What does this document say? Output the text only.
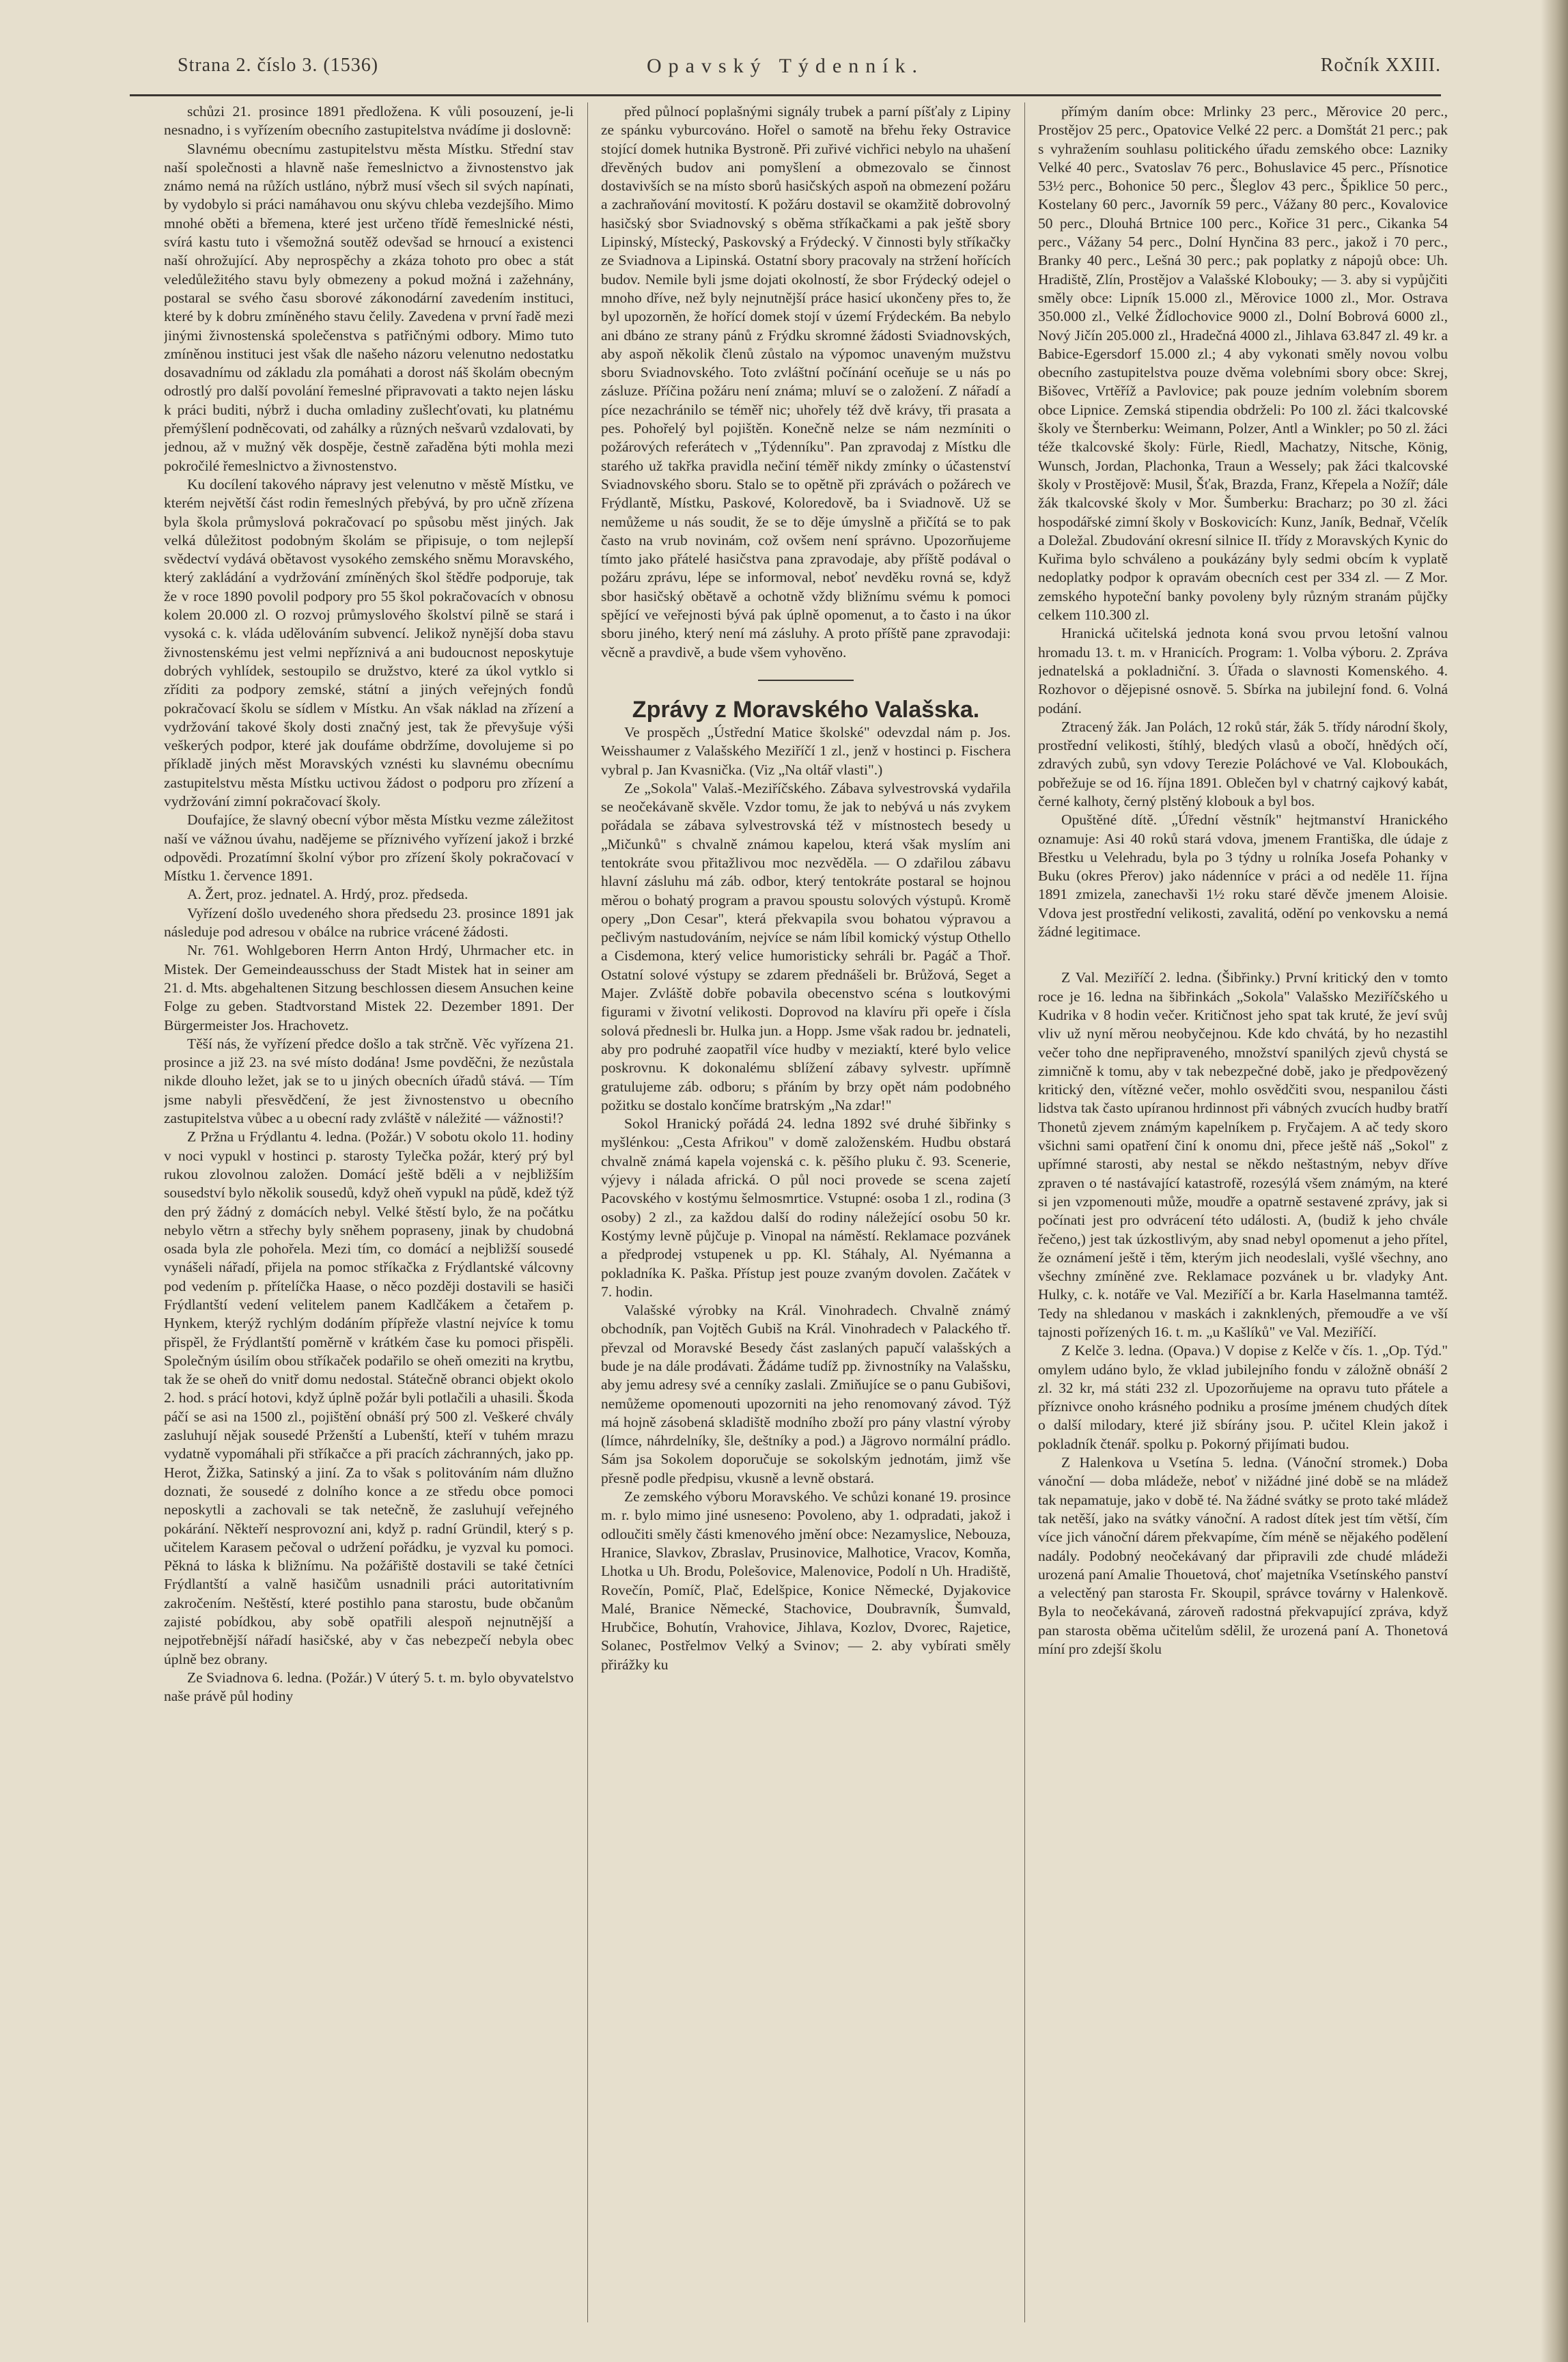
Strana 2. číslo 3. (1536)	Opavský Týdenník.	Ročník XXIII.

schůzi 21. prosince 1891 předložena. K vůli posouzení, je-li nesnadno, i s vyřízením obecního zastupitelstva nvádíme ji doslovně:

Slavnému obecnímu zastupitelstvu města Místku. Střední stav naší společnosti a hlavně naše řemeslnictvo a živnostenstvo jak známo nemá na růžích ustláno, nýbrž musí všech sil svých napínati, by vydobylo si práci namáhavou onu skývu chleba vezdejšího. Mimo mnohé oběti a břemena, které jest určeno třídě řemeslnické nésti, svírá kastu tuto i všemožná soutěž odevšad se hrnoucí a existenci naší ohrožující. Aby neprospěchy a zkáza tohoto pro obec a stát veledůležitého stavu byly obmezeny a pokud možná i zažehnány, postaral se svého času sborové zákonodární zavedením instituci, které by k dobru zmíněného stavu čelily. Zavedena v první řadě mezi jinými živnostenská společenstva s patřičnými odbory. Mimo tuto zmíněnou instituci jest však dle našeho názoru velenutno nedostatku dosavadnímu od základu zla pomáhati a dorost náš školám obecným odrostlý pro další povolání řemeslné připravovati a takto nejen lásku k práci buditi, nýbrž i ducha omladiny zušlechťovati, ku platnému přemýšlení podněcovati, od zahálky a různých nešvarů vzdalovati, by jednou, až v mužný věk dospěje, čestně zařaděna býti mohla mezi pokročilé řemeslnictvo a živnostenstvo.

Ku docílení takového nápravy jest velenutno v městě Místku, ve kterém největší část rodin řemeslných přebývá, by pro učně zřízena byla škola průmyslová pokračovací po spůsobu měst jiných. Jak velká důležitost podobným školám se připisuje, o tom nejlepší svědectví vydává obětavost vysokého zemského sněmu Moravského, který zakládání a vydržování zmíněných škol štědře podporuje, tak že v roce 1890 povolil podpory pro 55 škol pokračovacích v obnosu kolem 20.000 zl. O rozvoj průmyslového školství pilně se stará i vysoká c. k. vláda udělováním subvencí. Jelikož nynější doba stavu živnostenskému jest velmi nepříznivá a ani budoucnost neposkytuje dobrých vyhlídek, sestoupilo se družstvo, které za úkol vytklo si zříditi za podpory zemské, státní a jiných veřejných fondů pokračovací školu se sídlem v Místku. An však náklad na zřízení a vydržování takové školy dosti značný jest, tak že převyšuje výši veškerých podpor, které jak doufáme obdržíme, dovolujeme si po příkladě jiných měst Moravských vznésti ku slavnému obecnímu zastupitelstvu města Místku uctivou žádost o podporu pro zřízení a vydržování zimní pokračovací školy.

Doufajíce, že slavný obecní výbor města Místku vezme záležitost naší ve vážnou úvahu, nadějeme se příznivého vyřízení jakož i brzké odpovědi. Prozatímní školní výbor pro zřízení školy pokračovací v Místku 1. července 1891.

A. Žert, proz. jednatel. A. Hrdý, proz. předseda.

Vyřízení došlo uvedeného shora předsedu 23. prosince 1891 jak následuje pod adresou v obálce na rubrice vrácené žádosti.

Nr. 761. Wohlgeboren Herrn Anton Hrdý, Uhrmacher etc. in Mistek. Der Gemeindeausschuss der Stadt Mistek hat in seiner am 21. d. Mts. abgehaltenen Sitzung beschlossen diesem Ansuchen keine Folge zu geben. Stadtvorstand Mistek 22. Dezember 1891. Der Bürgermeister Jos. Hrachovetz.

Těší nás, že vyřízení předce došlo a tak strčně. Věc vyřízena 21. prosince a již 23. na své místo dodána! Jsme povděčni, že nezůstala nikde dlouho ležet, jak se to u jiných obecních úřadů stává. — Tím jsme nabyli přesvědčení, že jest živnostenstvo u obecního zastupitelstva vůbec a u obecní rady zvláště v náležité — vážnosti!?

Z Pržna u Frýdlantu 4. ledna. (Požár.) V sobotu okolo 11. hodiny v noci vypukl v hostinci p. starosty Tylečka požár, který prý byl rukou zlovolnou založen. Domácí ještě bděli a v nejbližším sousedství bylo několik sousedů, když oheň vypukl na půdě, kdež týž den prý žádný z domácích nebyl. Velké štěstí bylo, že na počátku nebylo větrn a střechy byly sněhem popraseny, jinak by chudobná osada byla zle pohořela. Mezi tím, co domácí a nejbližší sousedé vynášeli nářadí, přijela na pomoc stříkačka z Frýdlantské válcovny pod vedením p. přítelíčka Haase, o něco později dostavili se hasiči Frýdlantští vedení velitelem panem Kadlčákem a četařem p. Hynkem, kterýž rychlým dodáním přípřeže vlastní nejvíce k tomu přispěl, že Frýdlantští poměrně v krátkém čase ku pomoci přispěli. Společným úsilím obou stříkaček podařilo se oheň omeziti na krytbu, tak že se oheň do vnitř domu nedostal. Státečně obranci objekt okolo 2. hod. s prácí hotovi, když úplně požár byli potlačili a uhasili. Škoda páčí se asi na 1500 zl., pojištění obnáší prý 500 zl. Veškeré chvály zasluhují nějak sousedé Prženští a Lubenští, kteří v tuhém mrazu vydatně vypomáhali při stříkačce a při pracích záchranných, jako pp. Herot, Žižka, Satinský a jiní. Za to však s politováním nám dlužno doznati, že sousedé z dolního konce a ze středu obce pomoci neposkytli a zachovali se tak netečně, že zasluhují veřejného pokárání. Někteří nesprovozní ani, když p. radní Gründil, který s p. učitelem Karasem pečoval o udržení pořádku, je vyzval ku pomoci. Pěkná to láska k bližnímu. Na požářiště dostavili se také četníci Frýdlantští a valně hasičům usnadnili práci autoritativním zakročením. Neštěstí, které postihlo pana starostu, bude občanům zajisté pobídkou, aby sobě opatřili alespoň nejnutnější a nejpotřebnější nářadí hasičské, aby v čas nebezpečí nebyla obec úplně bez obrany.

Ze Sviadnova 6. ledna. (Požár.) V úterý 5. t. m. bylo obyvatelstvo naše právě půl hodiny

před půlnocí poplašnými signály trubek a parní píšťaly z Lipiny ze spánku vyburcováno. Hořel o samotě na břehu řeky Ostravice stojící domek hutnika Bystroně. Při zuřivé vichřici nebylo na uhašení dřevěných budov ani pomyšlení a obmezovalo se činnost dostavivších se na místo sborů hasičských aspoň na obmezení požáru a zachraňování movitostí. K požáru dostavil se okamžitě dobrovolný hasičský sbor Sviadnovský s oběma stříkačkami a pak ještě sbory Lipinský, Místecký, Paskovský a Frýdecký. V činnosti byly stříkačky ze Sviadnova a Lipinská. Ostatní sbory pracovaly na stržení hořících budov. Nemile byli jsme dojati okolností, že sbor Frýdecký odejel o mnoho dříve, než byly nejnutnější práce hasicí ukončeny přes to, že byl upozorněn, že hořící domek stojí v území Frýdeckém. Ba nebylo ani dbáno ze strany pánů z Frýdku skromné žádosti Sviadnovských, aby aspoň několik členů zůstalo na výpomoc unaveným mužstvu sboru Sviadnovského. Toto zvláštní počínání oceňuje se u nás po zásluze. Příčina požáru není známa; mluví se o založení. Z nářadí a píce nezachránilo se téměř nic; uhořely též dvě krávy, tři prasata a pes. Pohořelý byl pojištěn. Konečně nelze se nám nezmíniti o požárových referátech v „Týdenníku". Pan zpravodaj z Místku dle starého už takřka pravidla nečiní téměř nikdy zmínky o účastenství Sviadnovského sboru. Stalo se to opětně při zprávách o požárech ve Frýdlantě, Místku, Paskové, Koloredově, ba i Sviadnově. Už se nemůžeme u nás soudit, že se to děje úmyslně a přičítá se to pak často na vrub novinám, což ovšem není správno. Upozorňujeme tímto jako přátelé hasičstva pana zpravodaje, aby příště podával o požáru zprávu, lépe se informoval, neboť nevděku rovná se, když sbor hasičský obětavě a ochotně vždy bližnímu svému k pomoci spějící ve veřejnosti bývá pak úplně opomenut, a to často i na úkor sboru jiného, který není má zásluhy. A proto příště pane zpravodaji: věcně a pravdivě, a bude všem vyhověno.

Zprávy z Moravského Valašska.

Ve prospěch „Ústřední Matice školské" odevzdal nám p. Jos. Weisshaumer z Valašského Meziříčí 1 zl., jenž v hostinci p. Fischera vybral p. Jan Kvasnička. (Viz „Na oltář vlasti".)

Ze „Sokola" Valaš.-Meziříčského. Zábava sylvestrovská vydařila se neočekávaně skvěle. Vzdor tomu, že jak to nebývá u nás zvykem pořádala se zábava sylvestrovská též v místnostech besedy u „Mičunků" s chvalně známou kapelou, která však myslím ani tentokráte svou přitažlivou moc nezvěděla. — O zdařilou zábavu hlavní zásluhu má záb. odbor, který tentokráte postaral se hojnou měrou o bohatý program a pravou spoustu solových výstupů. Kromě opery „Don Cesar", která překvapila svou bohatou výpravou a pečlivým nastudováním, nejvíce se nám líbil komický výstup Othello a Cisdemona, který velice humoristicky sehráli br. Pagáč a Thoř. Ostatní solové výstupy se zdarem přednášeli br. Brůžová, Seget a Majer. Zvláště dobře pobavila obecenstvo scéna s loutkovými figurami v životní velikosti. Doprovod na klavíru při opeře i čísla solová přednesli br. Hulka jun. a Hopp. Jsme však radou br. jednateli, aby pro podruhé zaopatřil více hudby v meziaktí, které bylo velice poskrovnu. K dokonalému sblížení zábavy sylvestr. upřímně gratulujeme záb. odboru; s přáním by brzy opět nám podobného požitku se dostalo končíme bratrským „Na zdar!"

Sokol Hranický pořádá 24. ledna 1892 své druhé šibřinky s myšlénkou: „Cesta Afrikou" v domě založenském. Hudbu obstará chvalně známá kapela vojenská c. k. pěšího pluku č. 93. Scenerie, výjevy i nálada africká. O půl noci provede se scena zajetí Pacovského v kostýmu šelmosmrtice. Vstupné: osoba 1 zl., rodina (3 osoby) 2 zl., za každou další do rodiny náležející osobu 50 kr. Kostýmy levně půjčuje p. Vinopal na náměstí. Reklamace pozvánek a předprodej vstupenek u pp. Kl. Stáhaly, Al. Nyémanna a pokladníka K. Paška. Přístup jest pouze zvaným dovolen. Začátek v 7. hodin.

Valašské výrobky na Král. Vinohradech. Chvalně známý obchodník, pan Vojtěch Gubiš na Král. Vinohradech v Palackého tř. převzal od Moravské Besedy část zaslaných papučí valašských a bude je na dále prodávati. Žádáme tudíž pp. živnostníky na Valašsku, aby jemu adresy své a cenníky zaslali. Zmiňujíce se o panu Gubišovi, nemůžeme opomenouti upozorniti na jeho renomovaný závod. Týž má hojně zásobená skladiště modního zboží pro pány vlastní výroby (límce, náhrdelníky, šle, deštníky a pod.) a Jägrovo normální prádlo. Sám jsa Sokolem doporučuje se sokolským jednotám, jimž vše přesně podle předpisu, vkusně a levně obstará.

Ze zemského výboru Moravského. Ve schůzi konané 19. prosince m. r. bylo mimo jiné usneseno: Povoleno, aby 1. odpradati, jakož i odloučiti směly části kmenového jmění obce: Nezamyslice, Nebouza, Hranice, Slavkov, Zbraslav, Prusinovice, Malhotice, Vracov, Komňa, Lhotka u Uh. Brodu, Polešovice, Malenovice, Podolí n Uh. Hradiště, Rovečín, Pomíč, Plač, Edelšpice, Konice Německé, Dyjakovice Malé, Branice Německé, Stachovice, Doubravník, Šumvald, Hrubčice, Bohutín, Vrahovice, Jihlava, Kozlov, Dvorec, Rajetice, Solanec, Postřelmov Velký a Svinov; — 2. aby vybírati směly přirážky ku

přímým daním obce: Mrlinky 23 perc., Měrovice 20 perc., Prostějov 25 perc., Opatovice Velké 22 perc. a Domštát 21 perc.; pak s vyhražením souhlasu politického úřadu zemského obce: Lazniky Velké 40 perc., Svatoslav 76 perc., Bohuslavice 45 perc., Přísnotice 53½ perc., Bohonice 50 perc., Šleglov 43 perc., Špiklice 50 perc., Kostelany 60 perc., Javorník 59 perc., Vážany 80 perc., Kovalovice 50 perc., Dlouhá Brtnice 100 perc., Kořice 31 perc., Cikanka 54 perc., Vážany 54 perc., Dolní Hynčina 83 perc., jakož i 70 perc., Branky 40 perc., Lešná 30 perc.; pak poplatky z nápojů obce: Uh. Hradiště, Zlín, Prostějov a Valašské Klobouky; — 3. aby si vypůjčiti směly obce: Lipník 15.000 zl., Měrovice 1000 zl., Mor. Ostrava 350.000 zl., Velké Žídlochovice 9000 zl., Dolní Bobrová 6000 zl., Nový Jičín 205.000 zl., Hradečná 4000 zl., Jihlava 63.847 zl. 49 kr. a Babice-Egersdorf 15.000 zl.; 4 aby vykonati směly novou volbu obecního zastupitelstva pouze dvěma volebními sbory obce: Skrej, Bišovec, Vrtěříž a Pavlovice; pak pouze jedním volebním sborem obce Lipnice. Zemská stipendia obdrželi: Po 100 zl. žáci tkalcovské školy ve Šternberku: Weimann, Polzer, Antl a Winkler; po 50 zl. žáci téže tkalcovské školy: Fürle, Riedl, Machatzy, Nitsche, König, Wunsch, Jordan, Plachonka, Traun a Wessely; pak žáci tkalcovské školy v Prostějově: Musil, Šťak, Brazda, Franz, Křepela a Nožíř; dále žák tkalcovské školy v Mor. Šumberku: Bracharz; po 30 zl. žáci hospodářské zimní školy v Boskovicích: Kunz, Janík, Bednař, Včelík a Doležal. Zbudování okresní silnice II. třídy z Moravských Kynic do Kuřima bylo schváleno a poukázány byly sedmi obcím k vyplatě nedoplatky podpor k opravám obecních cest per 334 zl. — Z Mor. zemského hypoteční banky povoleny byly různým stranám půjčky celkem 110.300 zl.

Hranická učitelská jednota koná svou prvou letošní valnou hromadu 13. t. m. v Hranicích. Program: 1. Volba výboru. 2. Zpráva jednatelská a pokladniční. 3. Úřada o slavnosti Komenského. 4. Rozhovor o dějepisné osnově. 5. Sbírka na jubilejní fond. 6. Volná podání.

Ztracený žák. Jan Polách, 12 roků stár, žák 5. třídy národní školy, prostřední velikosti, štíhlý, bledých vlasů a obočí, hnědých očí, zdravých zubů, syn vdovy Terezie Poláchové ve Val. Kloboukách, pobřežuje se od 16. října 1891. Oblečen byl v chatrný cajkový kabát, černé kalhoty, černý plstěný klobouk a byl bos.

Opuštěné dítě. „Úřední věstník" hejtmanství Hranického oznamuje: Asi 40 roků stará vdova, jmenem Františka, dle údaje z Břestku u Velehradu, byla po 3 týdny u rolníka Josefa Pohanky v Buku (okres Přerov) jako nádenníce v práci a od neděle 11. října 1891 zmizela, zanechavši 1½ roku staré děvče jmenem Aloisie. Vdova jest prostřední velikosti, zavalitá, odění po venkovsku a nemá žádné legitimace.

Z Val. Meziříčí 2. ledna. (Šibřinky.) První kritický den v tomto roce je 16. ledna na šibřinkách „Sokola" Valašsko Meziříčského u Kudrika v 8 hodin večer. Kritičnost jeho spat tak kruté, že jeví svůj vliv už nyní měrou neobyčejnou. Kde kdo chvátá, by ho nezastihl večer toho dne nepřipraveného, množství spanilých zjevů chystá se zimničně k tomu, aby v tak nebezpečné době, jako je předpovězený kritický den, vítězné večer, mohlo osvědčiti svou, nespanilou části lidstva tak často upíranou hrdinnost při vábných zvucích hudby bratří Thonetů zjevem známým kapelníkem p. Fryčajem. A ač tedy skoro všichni sami opatření činí k onomu dni, přece ještě náš „Sokol" z upřímné starosti, aby nestal se někdo neštastným, nebyv dříve zpraven o té nastávající katastrofě, rozesýlá všem známým, na které si jen vzpomenouti může, moudře a opatrně sestavené zprávy, jak si počínati jest pro odvrácení této události. A, (budiž k jeho chvále řečeno,) jest tak úzkostlivým, aby snad nebyl opomenut a jeho přítel, že oznámení ještě i těm, kterým jich neodeslali, vyšlé všechny, ano všechny zmíněné zve. Reklamace pozvánek u br. vladyky Ant. Hulky, c. k. notáře ve Val. Meziříčí a br. Karla Haselmanna tamtéž. Tedy na shledanou v maskách i zaknklených, přemoudře a ve vší tajnosti pořízených 16. t. m. „u Kašlíků" ve Val. Meziříčí.

Z Kelče 3. ledna. (Opava.) V dopise z Kelče v čís. 1. „Op. Týd." omylem udáno bylo, že vklad jubilejního fondu v záložně obnáší 2 zl. 32 kr, má státi 232 zl. Upozorňujeme na opravu tuto přátele a příznivce onoho krásného podniku a prosíme jménem chudých dítek o další milodary, které již sbírány jsou. P. učitel Klein jakož i pokladník čtenář. spolku p. Pokorný přijímati budou.

Z Halenkova u Vsetína 5. ledna. (Vánoční stromek.) Doba vánoční — doba mládeže, neboť v nižádné jiné době se na mládež tak nepamatuje, jako v době té. Na žádné svátky se proto také mládež tak netěší, jako na svátky vánoční. A radost dítek jest tím větší, čím více jich vánoční dárem překvapíme, čím méně se nějakého podělení nadály. Podobný neočekávaný dar připravili zde chudé mládeži urozená paní Amalie Thouetová, choť majetníka Vsetínského panství a velectěný pan starosta Fr. Skoupil, správce továrny v Halenkově. Byla to neočekávaná, zároveň radostná překvapující zpráva, když pan starosta oběma učitelům sdělil, že urozená paní A. Thonetová míní pro zdejší školu
